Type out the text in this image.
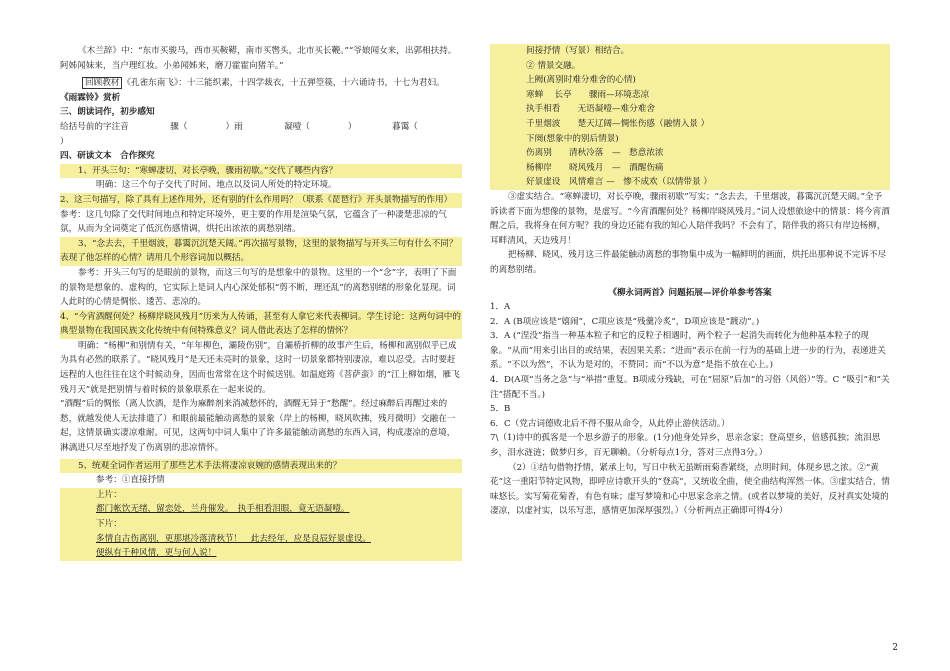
《木兰辞》中：“东市买骏马，西市买鞍鞯，南市买辔头，北市买长鞭。”“爷娘闻女来，出郭相扶持。阿姊闻妹来，当户理红妆。小弟闻姊来，磨刀霍霍向猪羊。”

回顾教材 《孔雀东南飞》：十三能织素，十四学裁衣，十五弹箜篌，十六诵诗书，十七为君妇。

《雨霖铃》赏析

三、朗读词作，初步感知

给括号前的字注音	骤（	）雨	凝噎（	）	暮霭（）

四、研读文本　合作探究

1、开头三句：“寒蝉凄切，对长亭晚，骤雨初歇。”交代了哪些内容？

明确：这三个句子交代了时间、地点以及词人所处的特定环境。

2、这三句描写，除了具有上述作用外，还有别的什么作用吗？（联系《琵琶行》开头景物描写的作用）

参考：这几句除了交代时间地点和特定环境外，更主要的作用是渲染气氛，它蕴含了一种凄楚悲凉的气氛，从而为全词奠定了低沉伤感情调，烘托出浓浓的离愁别绪。

3、“念去去，千里烟波，暮霭沉沉楚天阔。”再次描写景物，这里的景物描写与开头三句有什么不同？表现了他怎样的心情？请用几个形容词加以概括。

参考：开头三句写的是眼前的景物，而这三句写的是想象中的景物。这里的一个“念”字，表明了下面的景物是想象的、虚构的，它实际上是词人内心深处郁积“剪不断，理还乱”的离愁别绪的形象化显现。词人此时的心情是惆怅、逶苦、悲凉的。

4、“今宵酒醒何处？杨柳岸晓风残月”历来为人传诵，甚至有人拿它来代表柳词。学生讨论：这两句词中的典型景物在我国民族文化传统中有何特殊意义？词人借此表达了怎样的情怀？

明确：“杨柳”和别情有关，“年年柳色，灞陵伤别”，自灞桥折柳的故事产生后，杨柳和离别似乎已成为具有必然的联系了。“晓风残月”是天还未亮时的景象，这时一切景象都特别凄凉，难以忍受。古时要赶远程的人也往往在这个时候动身，因而也常常在这个时候送别。如温庭筠《菩萨蛮》的“江上柳如烟，雁飞残月天”就是把别情与着时候的景象联系在一起来说的。

“酒醒”后的惆怅（离人饮酒，是作为麻醉剂来消减愁怀的，酒醒无异于“愁醒”。经过麻醉后再醒过来的愁，就越发使人无法排遣了）和眼前最能触动离愁的景象（岸上的杨柳，晓风吹拂，残月微明）交融在一起，这情景确实凄凉难耐。可见，这两句中词人集中了许多最能触动离愁的东西入词，构成凄凉的意境，淋漓进只尽至地抒发了伤离别的悲凉情怀。

5、统观全词作者运用了那些艺术手法将凄凉哀婉的感情表现出来的？

参考：①直接抒情

上片：

都门帐饮无绪，留恋处，兰舟催发。　执手相看泪眼，竟无语凝噎。

下片：

多情自古伤离别，更那堪冷落清秋节！　此去经年，应是良辰好景虚设。

便纵有千种风情，更与何人说！

间接抒情（写景）相结合。

② 情景交融。

上阙(离别时难分难舍的心情)

寒蝉　 长亭　　骤雨—环境悲凉

执手相看　　无语凝噎—难分难舍

千里烟波　　楚天辽阔—惆怅伤感（融情入景 ）

下阕(想象中的别后情景)

伤离别　　清秋冷落　—　愁意浓浓

杨柳岸　　晓风残月　—　酒醒伤痛

好景虚设　风情难言 —　惨不成欢（以情带景 ）

③虚实结合。“寒蝉凄切，对长亭晚，骤雨初歇”写实；“念去去，千里烟波，暮霭沉沉楚天阔。”全予诉读者下面为想像的景物，是虚写。“今宵酒醒何处？杨柳岸晓风残月。”词人设想旅途中的情景：将今宵酒醒之后，我将身在何方呢？我的身边还能有我的知心人陪伴我吗？不会有了，陪伴我的将只有岸边杨柳，耳畔清风，天边残月！

把杨柳、晓风、残月这三件最能触动离愁的事物集中成为一幅鲜明的画面，烘托出那种说不完诉不尽的离愁别绪。

《柳永词两首》问题拓展—评价单参考答案

1．A

2．A (B项应该是“嬉闹”，C项应该是“残羹冷炙”，D项应该是“踱动”。)

3．A (“涅没”指当一种基本粒子和它的反粒子相遇时，两个粒子一起消失而转化为他种基本粒子的现象。“从而”用来引出目的或结果，表因果关系；“进而”表示在前一行为的基础上进一步的行为，表递进关系。“不以为然”，不认为是对的，不赞同；而“不以为意”是指不放在心上。)

4．D(A项“当务之急”与“举措”重复。B项成分残缺，可在“屈原”后加“的习俗（风俗）”等。C “吸引”和“关注”搭配不当。)

5．B

6．C（党古词德败北后不得不服从命令，从此停止游侠活动。）

7\（1)诗中的孤客是一个思乡游子的形象。(1分)他身处异乡，思亲念家；登高望乡，倍感孤独；流泪思乡，泪水涟涟；做梦归乡，百无聊赖。（分析每点1分，答对三点得3分。）

（2）①结句借物抒情，紧承上句，写日中秋无虽断雨菊香紧绕，点明时间，体现乡思之浓。②“黄花”这一重阳节特定风物，即呼应诗歌开头的“登高”，又统收全曲，使全曲结构浑然一体。③虚实结合，情味悠长。实写菊花菊香，有色有味；虚写梦境和心中思家念亲之情。(或者以梦境的美好，反衬真实处境的凄凉，以虚衬实，以乐写悲，感情更加深厚强烈。）（分析两点正确即可得4分）

2
